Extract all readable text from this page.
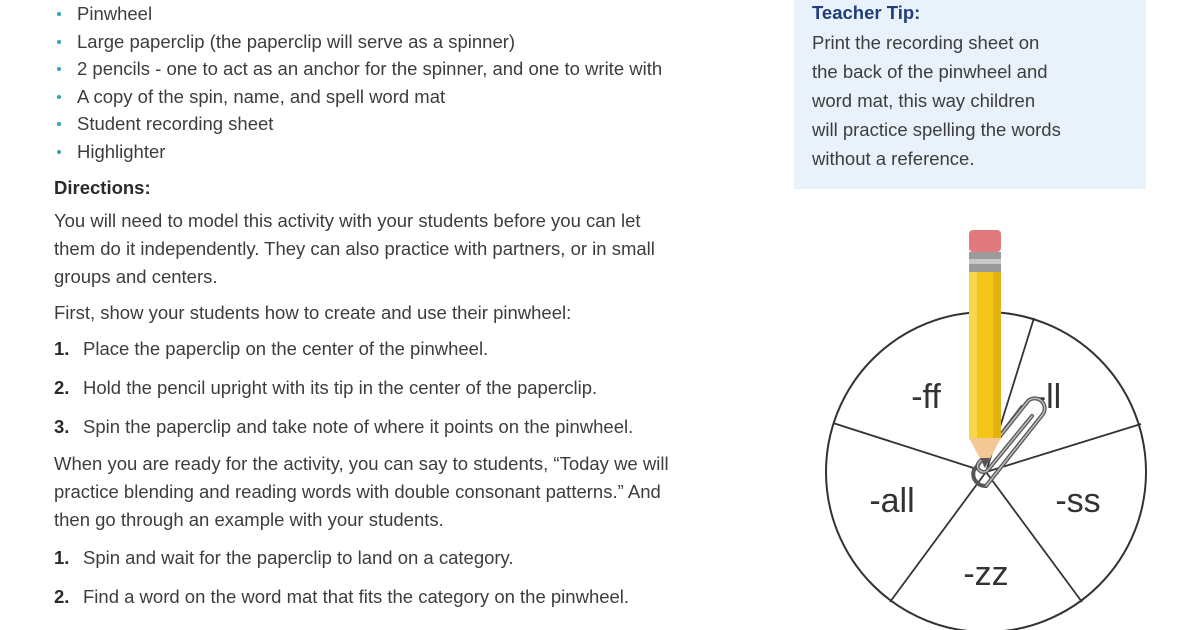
Pinwheel
Large paperclip (the paperclip will serve as a spinner)
2 pencils - one to act as an anchor for the spinner, and one to write with
A copy of the spin, name, and spell word mat
Student recording sheet
Highlighter
Directions:

You will need to model this activity with your students before you can let
them do it independently. They can also practice with partners, or in small
groups and centers.

First, show your students how to create and use their pinwheel:

1. Place the paperclip on the center of the pinwheel.
2. Hold the pencil upright with its tip in the center of the paperclip.
3. Spin the paperclip and take note of where it points on the pinwheel.

When you are ready for the activity, you can say to students, “Today we will
practice blending and reading words with double consonant patterns.” And
then go through an example with your students.

1. Spin and wait for the paperclip to land on a category.
2. Find a word on the word mat that fits the category on the pinwheel.
Teacher Tip:
Print the recording sheet on
the back of the pinwheel and
word mat, this way children
will practice spelling the words
without a reference.
-ff	-ll
-ss
-zz
-all
